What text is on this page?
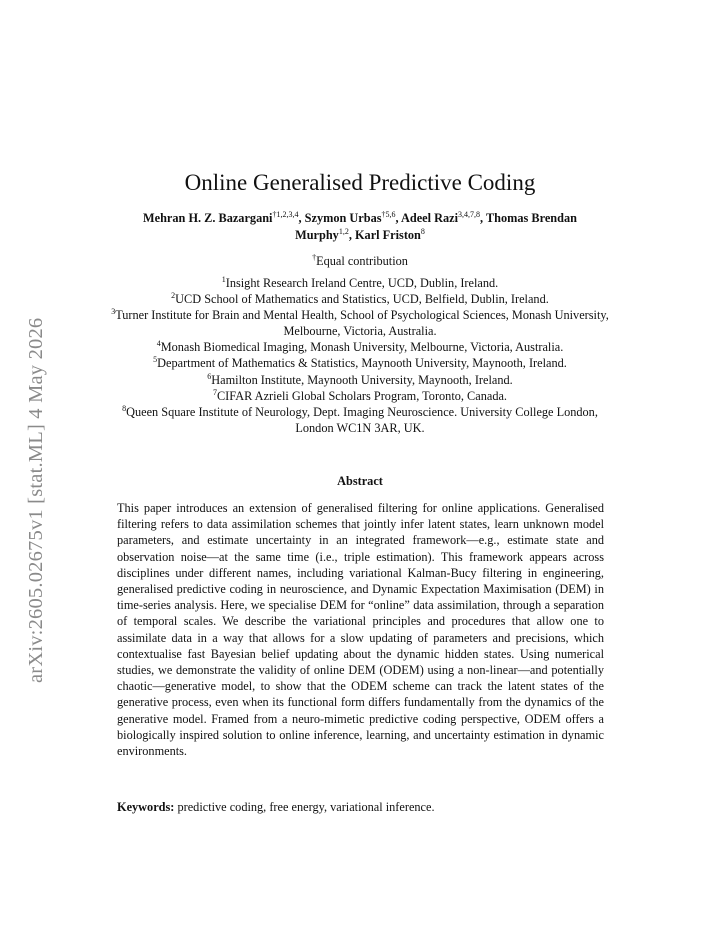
arXiv:2605.02675v1 [stat.ML] 4 May 2026
Online Generalised Predictive Coding
Mehran H. Z. Bazargani$^{\dagger 1,2,3,4}$, Szymon Urbas$^{\dagger 5,6}$, Adeel Razi$^{3,4,7,8}$, Thomas Brendan Murphy$^{1,2}$, Karl Friston$^8$
†Equal contribution
$^1$Insight Research Ireland Centre, UCD, Dublin, Ireland.
$^2$UCD School of Mathematics and Statistics, UCD, Belfield, Dublin, Ireland.
$^3$Turner Institute for Brain and Mental Health, School of Psychological Sciences, Monash University, Melbourne, Victoria, Australia.
$^4$Monash Biomedical Imaging, Monash University, Melbourne, Victoria, Australia.
$^5$Department of Mathematics & Statistics, Maynooth University, Maynooth, Ireland.
$^6$Hamilton Institute, Maynooth University, Maynooth, Ireland.
$^7$CIFAR Azrieli Global Scholars Program, Toronto, Canada.
$^8$Queen Square Institute of Neurology, Dept. Imaging Neuroscience. University College London, London WC1N 3AR, UK.
Abstract
This paper introduces an extension of generalised filtering for online applications. Generalised filtering refers to data assimilation schemes that jointly infer latent states, learn unknown model parameters, and estimate uncertainty in an integrated framework—e.g., estimate state and observation noise—at the same time (i.e., triple estimation). This framework appears across disciplines under different names, including variational Kalman-Bucy filtering in engineering, generalised predictive coding in neuroscience, and Dynamic Expectation Maximisation (DEM) in time-series analysis. Here, we specialise DEM for “online” data assimilation, through a separation of temporal scales. We describe the variational principles and procedures that allow one to assimilate data in a way that allows for a slow updating of parameters and precisions, which contextualise fast Bayesian belief updating about the dynamic hidden states. Using numerical studies, we demonstrate the validity of online DEM (ODEM) using a non-linear—and potentially chaotic—generative model, to show that the ODEM scheme can track the latent states of the generative process, even when its functional form differs fundamentally from the dynamics of the generative model. Framed from a neuro-mimetic predictive coding perspective, ODEM offers a biologically inspired solution to online inference, learning, and uncertainty estimation in dynamic environments.
Keywords: predictive coding, free energy, variational inference.
